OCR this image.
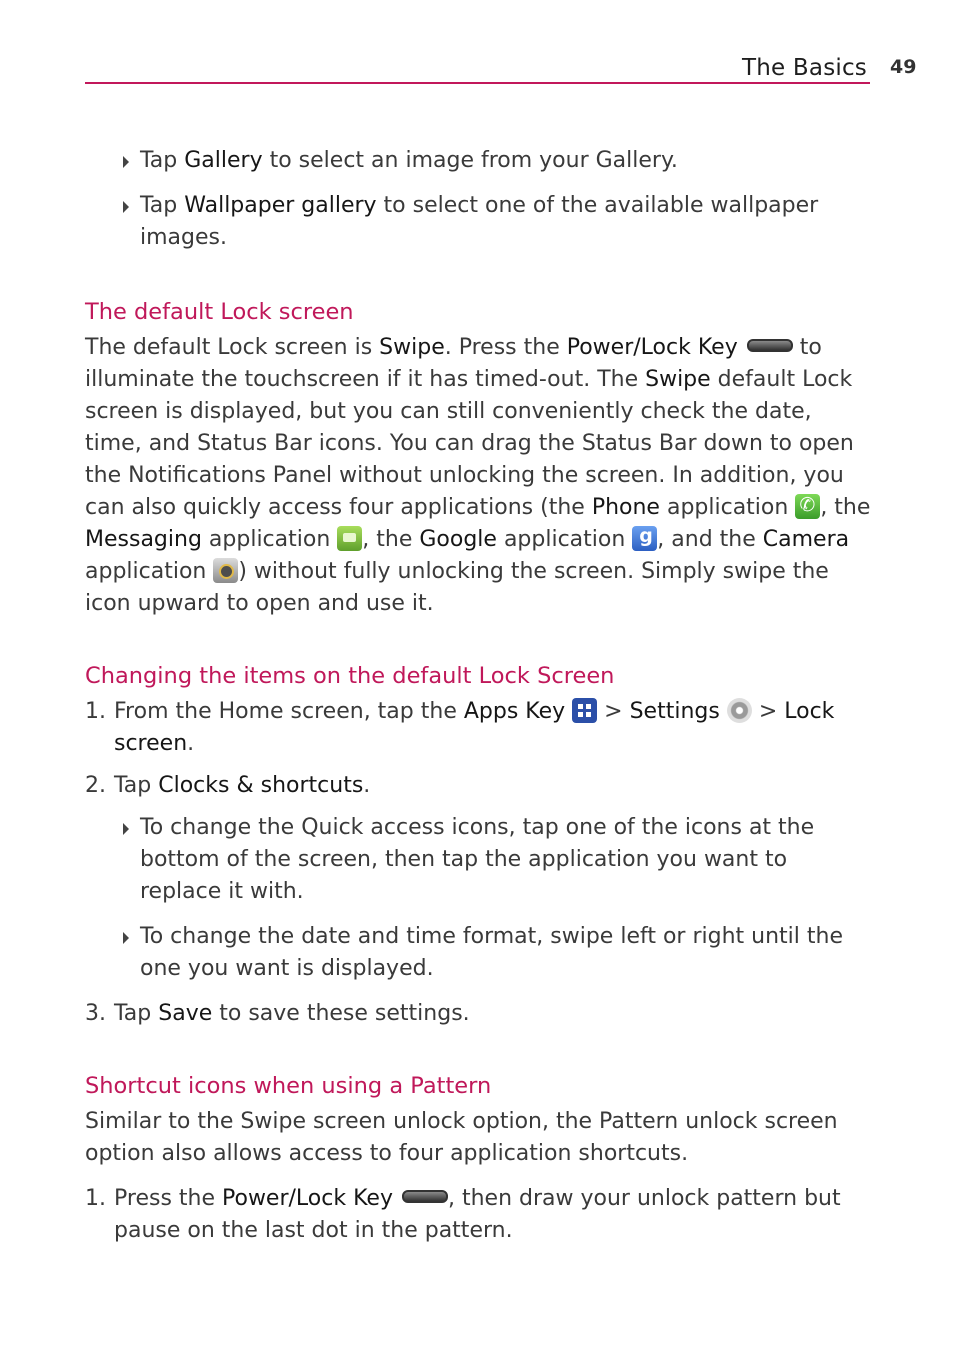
The Basics 49

Tap Gallery to select an image from your Gallery.

Tap Wallpaper gallery to select one of the available wallpaper images.

The default Lock screen

The default Lock screen is Swipe. Press the Power/Lock Key	to illuminate the touchscreen if it has timed-out. The Swipe default Lock screen is displayed, but you can still conveniently check the date, time, and Status Bar icons. You can drag the Status Bar down to open the Notifications Panel without unlocking the screen. In addition, you can also quickly access four applications (the Phone application ✆, the Messaging application , the Google application g, and the Camera application ) without fully unlocking the screen. Simply swipe the icon upward to open and use it.

Changing the items on the default Lock Screen

1. From the Home screen, tap the Apps Key  > Settings  > Lock screen.

2. Tap Clocks & shortcuts.

To change the Quick access icons, tap one of the icons at the bottom of the screen, then tap the application you want to replace it with.

To change the date and time format, swipe left or right until the one you want is displayed.

3. Tap Save to save these settings.

Shortcut icons when using a Pattern

Similar to the Swipe screen unlock option, the Pattern unlock screen option also allows access to four application shortcuts.

1. Press the Power/Lock Key	, then draw your unlock pattern but pause on the last dot in the pattern.
